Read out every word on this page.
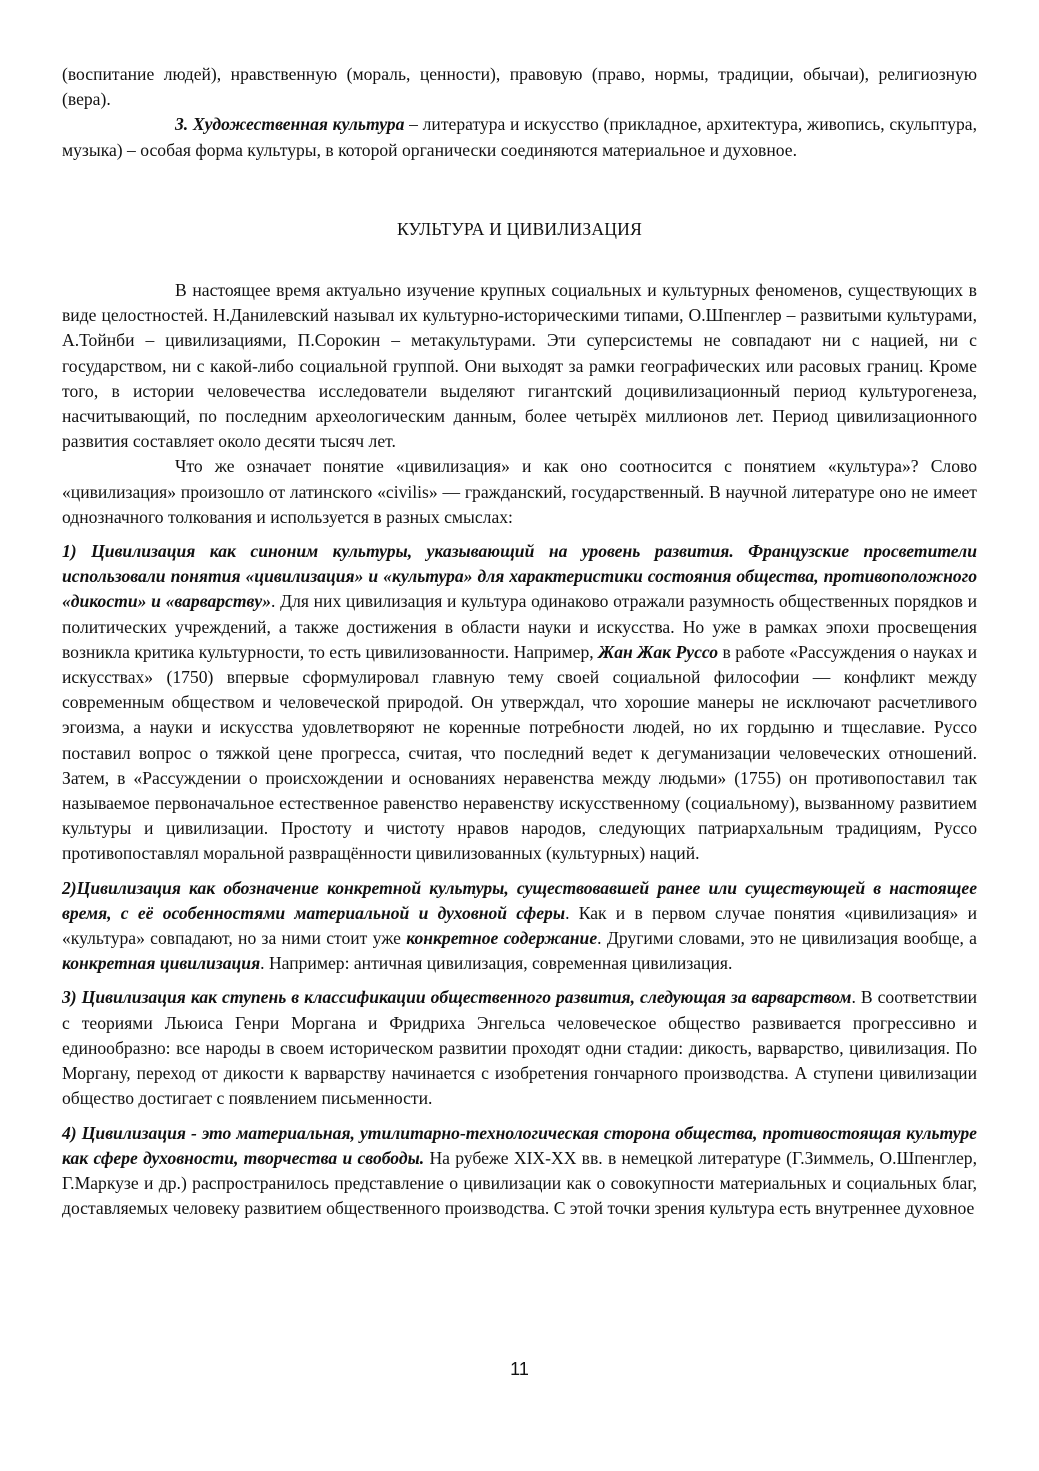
(воспитание людей), нравственную (мораль, ценности), правовую (право, нормы, традиции, обычаи), религиозную (вера).

3. Художественная культура – литература и искусство (прикладное, архитектура, живопись, скульптура, музыка) – особая форма культуры, в которой органически соединяются материальное и духовное.

КУЛЬТУРА И ЦИВИЛИЗАЦИЯ

В настоящее время актуально изучение крупных социальных и культурных феноменов, существующих в виде целостностей. Н.Данилевский называл их культурно-историческими типами, О.Шпенглер – развитыми культурами, А.Тойнби – цивилизациями, П.Сорокин – метакультурами. Эти суперсистемы не совпадают ни с нацией, ни с государством, ни с какой-либо социальной группой. Они выходят за рамки географических или расовых границ. Кроме того, в истории человечества исследователи выделяют гигантский доцивилизационный период культурогенеза, насчитывающий, по последним археологическим данным, более четырёх миллионов лет. Период цивилизационного развития составляет около десяти тысяч лет.

Что же означает понятие «цивилизация» и как оно соотносится с понятием «культура»? Слово «цивилизация» произошло от латинского «civilis» — гражданский, государственный. В научной литературе оно не имеет однозначного толкования и используется в разных смыслах:

1) Цивилизация как синоним культуры, указывающий на уровень развития. Французские просветители использовали понятия «цивилизация» и «культура» для характеристики состояния общества, противоположного «дикости» и «варварству». Для них цивилизация и культура одинаково отражали разумность общественных порядков и политических учреждений, а также достижения в области науки и искусства. Но уже в рамках эпохи просвещения возникла критика культурности, то есть цивилизованности. Например, Жан Жак Руссо в работе «Рассуждения о науках и искусствах» (1750) впервые сформулировал главную тему своей социальной философии — конфликт между современным обществом и человеческой природой. Он утверждал, что хорошие манеры не исключают расчетливого эгоизма, а науки и искусства удовлетворяют не коренные потребности людей, но их гордыню и тщеславие. Руссо поставил вопрос о тяжкой цене прогресса, считая, что последний ведет к дегуманизации человеческих отношений. Затем, в «Рассуждении о происхождении и основаниях неравенства между людьми» (1755) он противопоставил так называемое первоначальное естественное равенство неравенству искусственному (социальному), вызванному развитием культуры и цивилизации. Простоту и чистоту нравов народов, следующих патриархальным традициям, Руссо противопоставлял моральной развращённости цивилизованных (культурных) наций.

2)Цивилизация как обозначение конкретной культуры, существовавшей ранее или существующей в настоящее время, с её особенностями материальной и духовной сферы. Как и в первом случае понятия «цивилизация» и «культура» совпадают, но за ними стоит уже конкретное содержание. Другими словами, это не цивилизация вообще, а конкретная цивилизация. Например: античная цивилизация, современная цивилизация.

3) Цивилизация как ступень в классификации общественного развития, следующая за варварством. В соответствии с теориями Льюиса Генри Моргана и Фридриха Энгельса человеческое общество развивается прогрессивно и единообразно: все народы в своем историческом развитии проходят одни стадии: дикость, варварство, цивилизация. По Моргану, переход от дикости к варварству начинается с изобретения гончарного производства. А ступени цивилизации общество достигает с появлением письменности.

4) Цивилизация - это материальная, утилитарно-технологическая сторона общества, противостоящая культуре как сфере духовности, творчества и свободы. На рубеже XIX-XX вв. в немецкой литературе (Г.Зиммель, О.Шпенглер, Г.Маркузе и др.) распространилось представление о цивилизации как о совокупности материальных и социальных благ, доставляемых человеку развитием общественного производства. С этой точки зрения культура есть внутреннее духовное

11
